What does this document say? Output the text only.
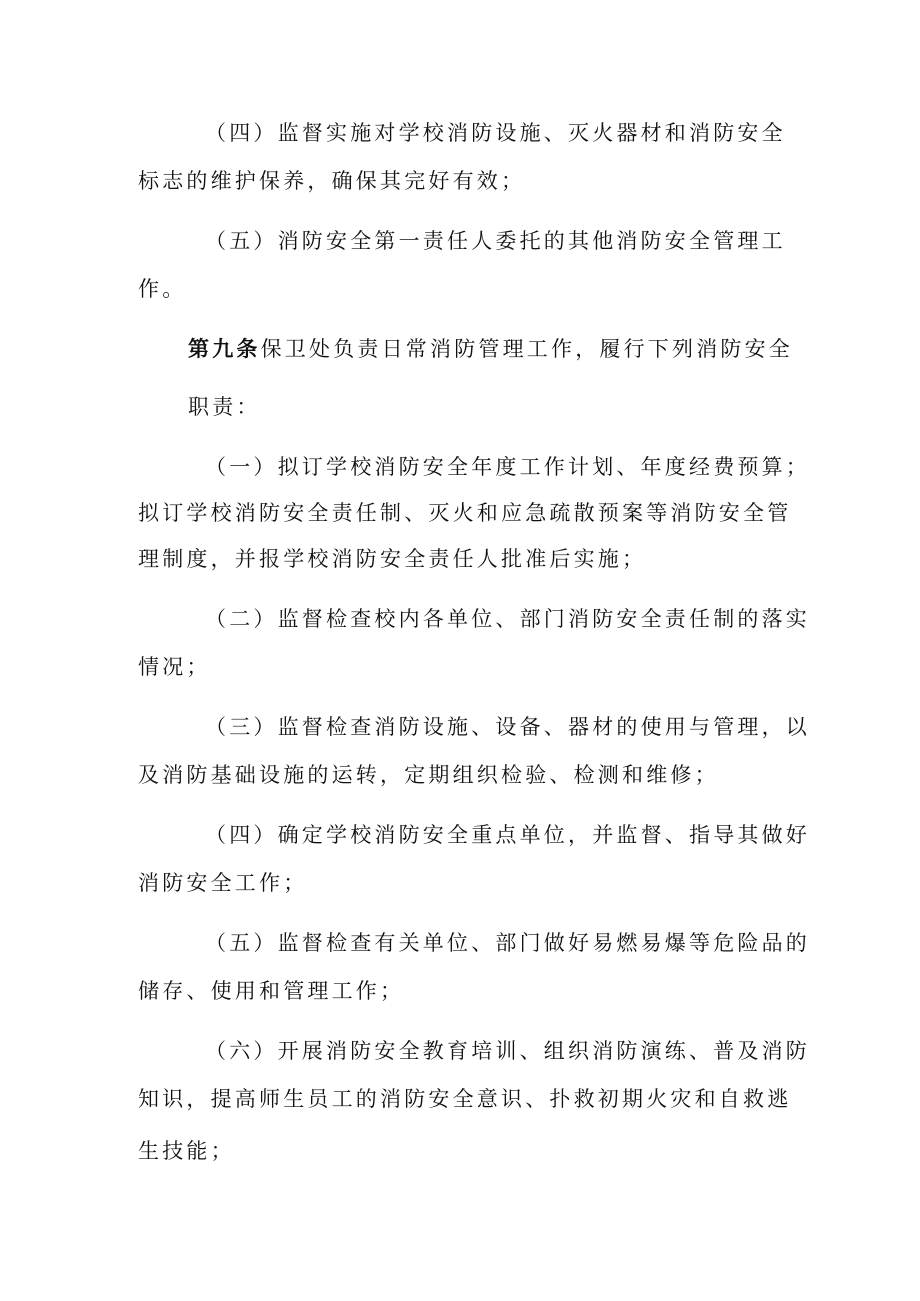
（四）监督实施对学校消防设施、灭火器材和消防安全
标志的维护保养，确保其完好有效；
（五）消防安全第一责任人委托的其他消防安全管理工
作。
第九条保卫处负责日常消防管理工作，履行下列消防安全
职责：
（一）拟订学校消防安全年度工作计划、年度经费预算；
拟订学校消防安全责任制、灭火和应急疏散预案等消防安全管
理制度，并报学校消防安全责任人批准后实施；
（二）监督检查校内各单位、部门消防安全责任制的落实
情况；
（三）监督检查消防设施、设备、器材的使用与管理，以
及消防基础设施的运转，定期组织检验、检测和维修；
（四）确定学校消防安全重点单位，并监督、指导其做好
消防安全工作；
（五）监督检查有关单位、部门做好易燃易爆等危险品的
储存、使用和管理工作；
（六）开展消防安全教育培训、组织消防演练、普及消防
知识，提高师生员工的消防安全意识、扑救初期火灾和自救逃
生技能；
